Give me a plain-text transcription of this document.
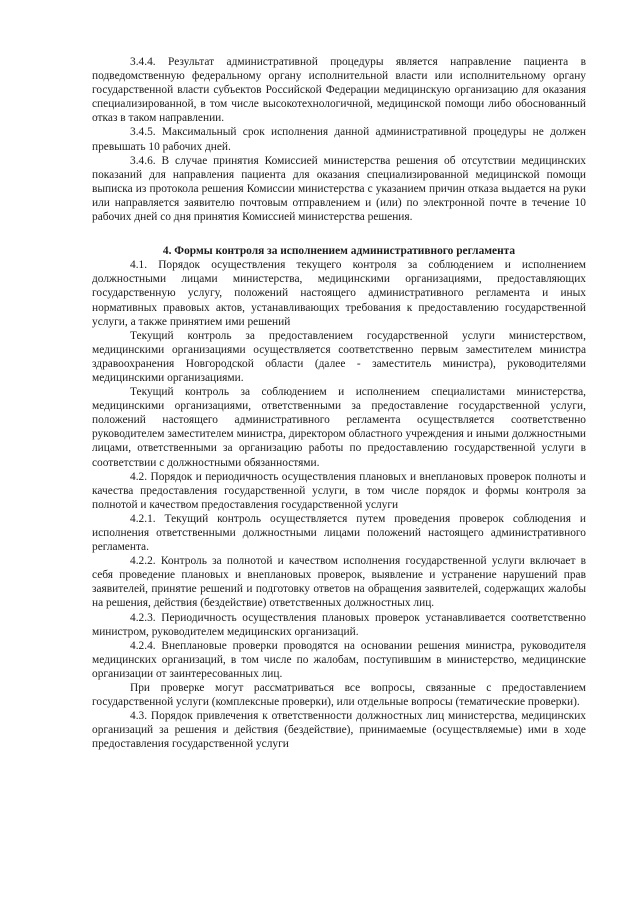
3.4.4. Результат административной процедуры является направление пациента в подведомственную федеральному органу исполнительной власти или исполнительному органу государственной власти субъектов Российской Федерации медицинскую организацию для оказания специализированной, в том числе высокотехнологичной, медицинской помощи либо обоснованный отказ в таком направлении.

3.4.5. Максимальный срок исполнения данной административной процедуры не должен превышать 10 рабочих дней.

3.4.6. В случае принятия Комиссией министерства решения об отсутствии медицинских показаний для направления пациента для оказания специализированной медицинской помощи выписка из протокола решения Комиссии министерства с указанием причин отказа выдается на руки или направляется заявителю почтовым отправлением и (или) по электронной почте в течение 10 рабочих дней со дня принятия Комиссией министерства решения.

4. Формы контроля за исполнением административного регламента

4.1. Порядок осуществления текущего контроля за соблюдением и исполнением должностными лицами министерства, медицинскими организациями, предоставляющих государственную услугу, положений настоящего административного регламента и иных нормативных правовых актов, устанавливающих требования к предоставлению государственной услуги, а также принятием ими решений

Текущий контроль за предоставлением государственной услуги министерством, медицинскими организациями осуществляется соответственно первым заместителем министра здравоохранения Новгородской области (далее - заместитель министра), руководителями медицинскими организациями.

Текущий контроль за соблюдением и исполнением специалистами министерства, медицинскими организациями, ответственными за предоставление государственной услуги, положений настоящего административного регламента осуществляется соответственно руководителем заместителем министра, директором областного учреждения и иными должностными лицами, ответственными за организацию работы по предоставлению государственной услуги в соответствии с должностными обязанностями.

4.2. Порядок и периодичность осуществления плановых и внеплановых проверок полноты и качества предоставления государственной услуги, в том числе порядок и формы контроля за полнотой и качеством предоставления государственной услуги

4.2.1. Текущий контроль осуществляется путем проведения проверок соблюдения и исполнения ответственными должностными лицами положений настоящего административного регламента.

4.2.2. Контроль за полнотой и качеством исполнения государственной услуги включает в себя проведение плановых и внеплановых проверок, выявление и устранение нарушений прав заявителей, принятие решений и подготовку ответов на обращения заявителей, содержащих жалобы на решения, действия (бездействие) ответственных должностных лиц.

4.2.3. Периодичность осуществления плановых проверок устанавливается соответственно министром, руководителем медицинских организаций.

4.2.4. Внеплановые проверки проводятся на основании решения министра, руководителя медицинских организаций, в том числе по жалобам, поступившим в министерство, медицинские организации от заинтересованных лиц.

При проверке могут рассматриваться все вопросы, связанные с предоставлением государственной услуги (комплексные проверки), или отдельные вопросы (тематические проверки).

4.3. Порядок привлечения к ответственности должностных лиц министерства, медицинских организаций за решения и действия (бездействие), принимаемые (осуществляемые) ими в ходе предоставления государственной услуги
